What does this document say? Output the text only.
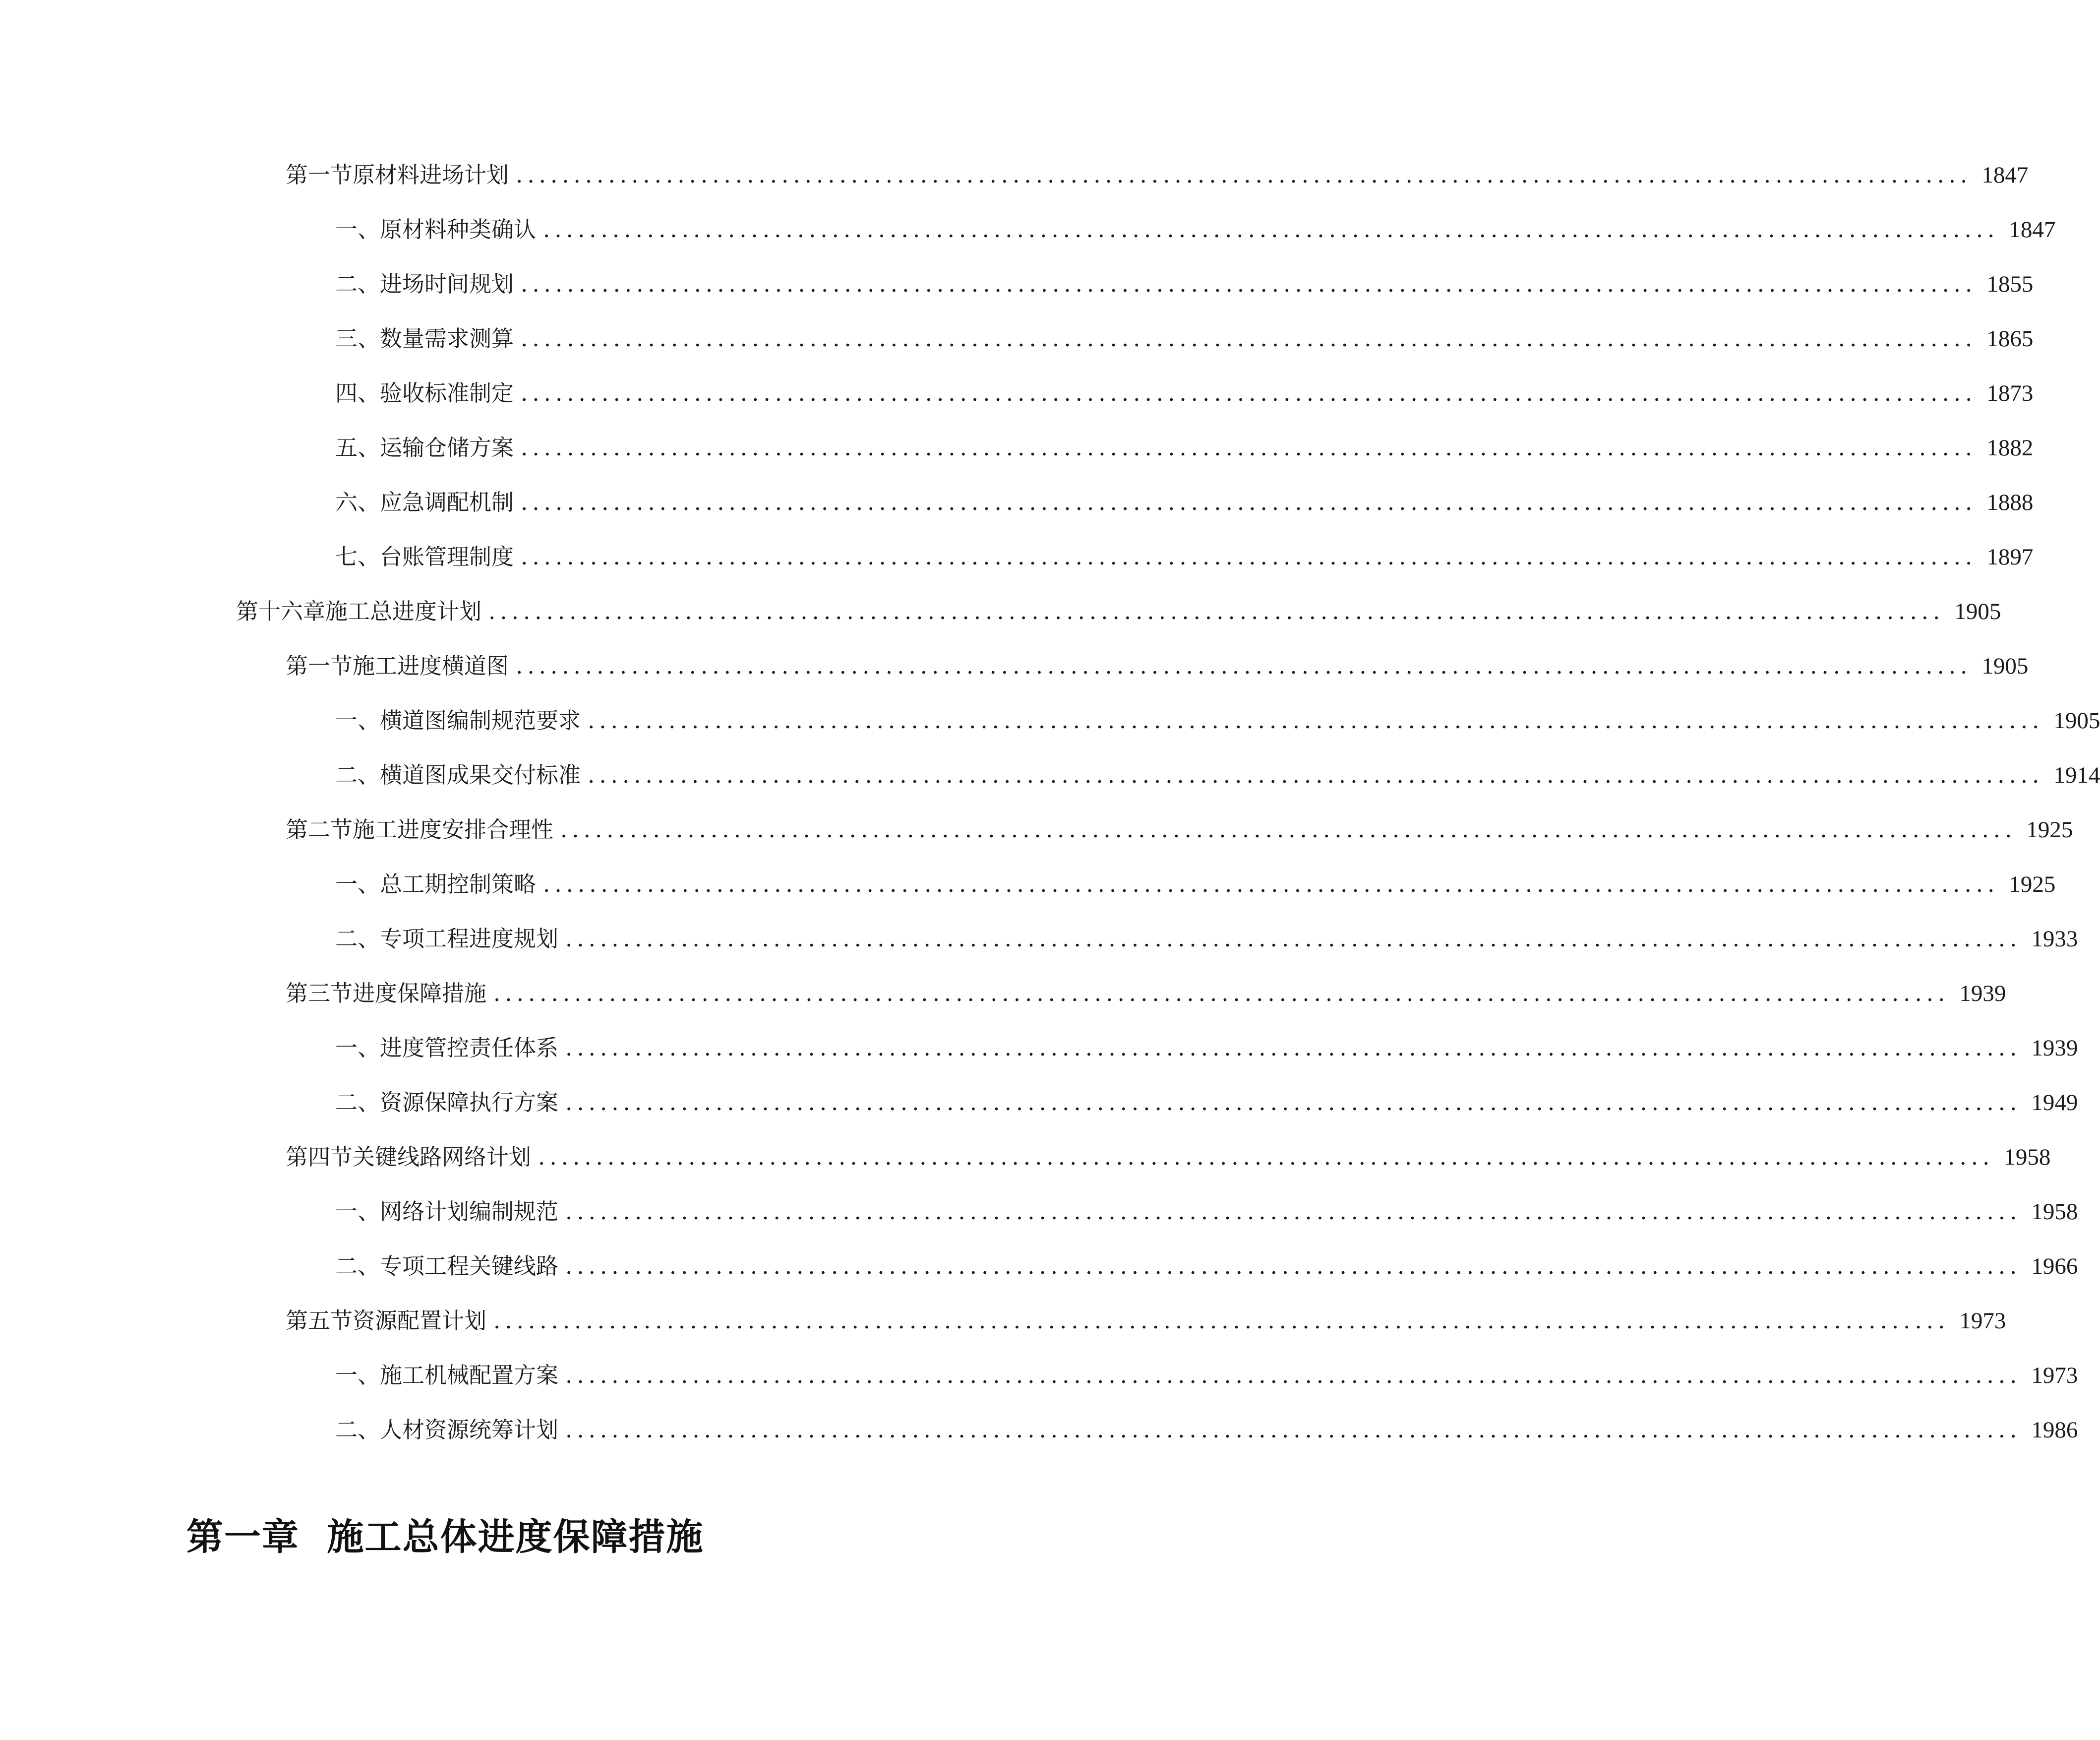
第一节 原材料进场计划 .............................................................................................................................. 1847
一、 原材料种类确认 .............................................................................................................................. 1847
二、 进场时间规划 .............................................................................................................................. 1855
三、 数量需求测算 .............................................................................................................................. 1865
四、 验收标准制定 .............................................................................................................................. 1873
五、 运输仓储方案 .............................................................................................................................. 1882
六、 应急调配机制 .............................................................................................................................. 1888
七、 台账管理制度 .............................................................................................................................. 1897
第十六章 施工总进度计划 .............................................................................................................................. 1905
第一节 施工进度横道图 .............................................................................................................................. 1905
一、 横道图编制规范要求 .............................................................................................................................. 1905
二、 横道图成果交付标准 .............................................................................................................................. 1914
第二节 施工进度安排合理性 .............................................................................................................................. 1925
一、 总工期控制策略 .............................................................................................................................. 1925
二、 专项工程进度规划 .............................................................................................................................. 1933
第三节 进度保障措施 .............................................................................................................................. 1939
一、 进度管控责任体系 .............................................................................................................................. 1939
二、 资源保障执行方案 .............................................................................................................................. 1949
第四节 关键线路网络计划 .............................................................................................................................. 1958
一、 网络计划编制规范 .............................................................................................................................. 1958
二、 专项工程关键线路 .............................................................................................................................. 1966
第五节 资源配置计划 .............................................................................................................................. 1973
一、 施工机械配置方案 .............................................................................................................................. 1973
二、 人材资源统筹计划 .............................................................................................................................. 1986
第一章  施工总体进度保障措施
